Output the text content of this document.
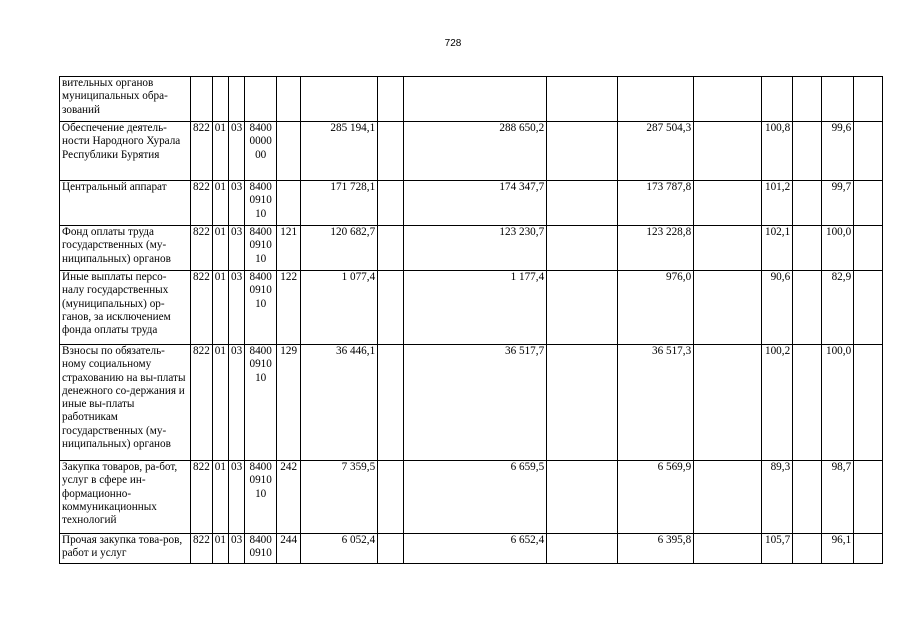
728
вительных органов муниципальных обра-зований															
Обеспечение деятель-ности Народного Хурала Республики Бурятия	822	01	03	8400 0000 00		285 194,1		288 650,2		287 504,3		100,8		99,6	
Центральный аппарат	822	01	03	8400 0910 10		171 728,1		174 347,7		173 787,8		101,2		99,7	
Фонд оплаты труда государственных (му-ниципальных) органов	822	01	03	8400 0910 10	121	120 682,7		123 230,7		123 228,8		102,1		100,0	
Иные выплаты персо-налу государственных (муниципальных) ор-ганов, за исключением фонда оплаты труда	822	01	03	8400 0910 10	122	1 077,4		1 177,4		976,0		90,6		82,9	
Взносы по обязатель-ному социальному страхованию на вы-платы денежного со-держания и иные вы-платы работникам государственных (му-ниципальных) органов	822	01	03	8400 0910 10	129	36 446,1		36 517,7		36 517,3		100,2		100,0	
Закупка товаров, ра-бот, услуг в сфере ин-формационно-коммуникационных технологий	822	01	03	8400 0910 10	242	7 359,5		6 659,5		6 569,9		89,3		98,7	
Прочая закупка това-ров, работ и услуг	822	01	03	8400 0910	244	6 052,4		6 652,4		6 395,8		105,7		96,1	
